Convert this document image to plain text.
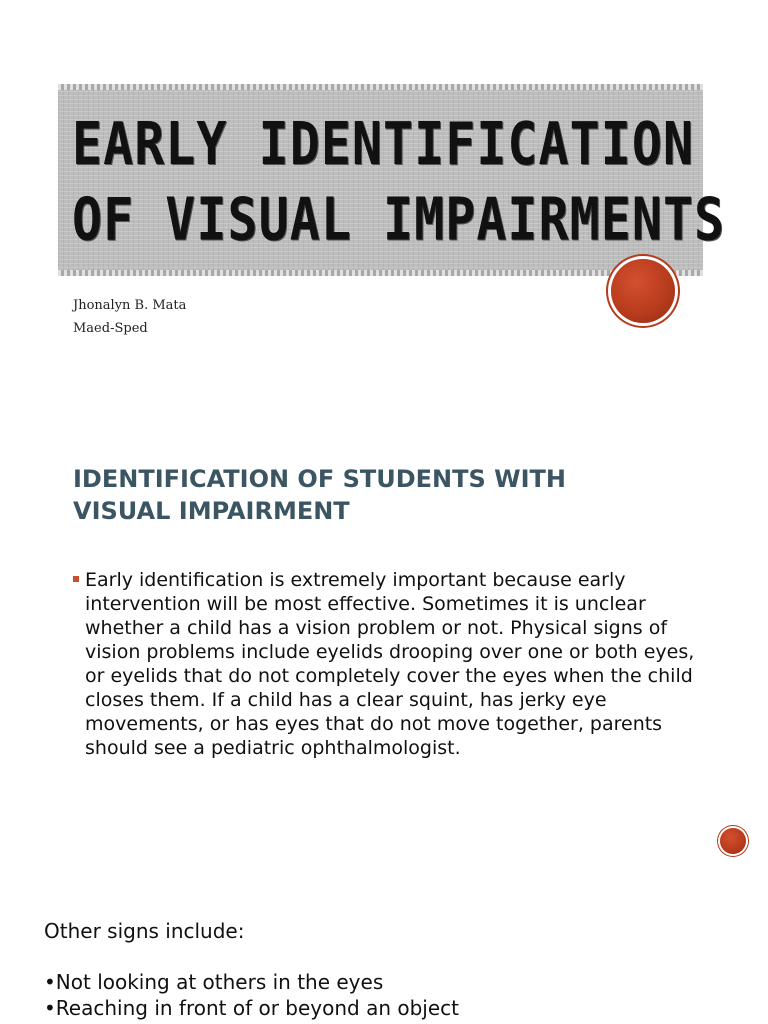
EARLY IDENTIFICATION
OF VISUAL IMPAIRMENTS

Jhonalyn B. Mata

Maed-Sped

IDENTIFICATION OF STUDENTS WITH
VISUAL IMPAIRMENT

Early identification is extremely important because early intervention will be most effective. Sometimes it is unclear whether a child has a vision problem or not. Physical signs of vision problems include eyelids drooping over one or both eyes, or eyelids that do not completely cover the eyes when the child closes them. If a child has a clear squint, has jerky eye movements, or has eyes that do not move together, parents should see a pediatric ophthalmologist.

Other signs include:

•Not looking at others in the eyes
•Reaching in front of or beyond an object
